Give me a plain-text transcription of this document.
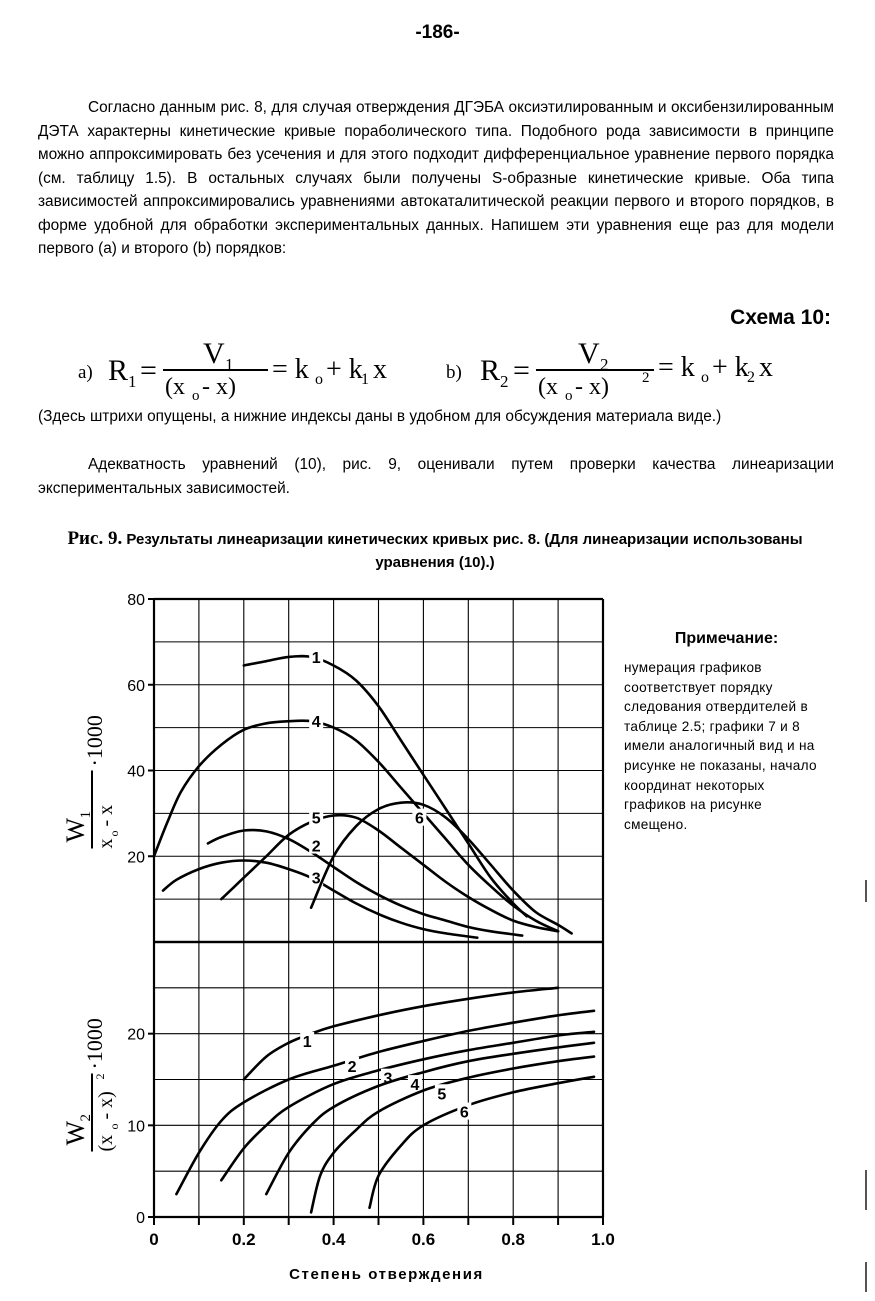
-186-

Согласно данным рис. 8, для случая отверждения ДГЭБА оксиэтилированным и оксибензилированным ДЭТА характерны кинетические кривые пораболического типа. Подобного рода зависимости в принципе можно аппроксимировать без усечения и для этого подходит дифференциальное уравнение первого порядка (см. таблицу 1.5). В остальных случаях были получены S-образные кинетические кривые. Оба типа зависимостей аппроксимировались уравнениями автокаталитической реакции первого и второго порядков, в форме удобной для обработки экспериментальных данных. Напишем эти уравнения еще раз для модели первого (а) и второго (b) порядков:

Схема 10:
а) R 1 =
V 1
(x o - x)
= k o + k
1 x	b) R 2 =
V 2
(x o - x) 2 = k o + k
2 x

(Здесь штрихи опущены, а нижние индексы даны в удобном для обсуждения материала виде.)

Адекватность уравнений (10), рис. 9, оценивали путем проверки качества линеаризации экспериментальных зависимостей.

Рис. 9. Результаты линеаризации кинетических кривых рис. 8. (Для линеаризации использованы уравнения (10).)
20
40
60
80
1
2
3
4
5	6
W
1
x
o
- x
·1000
0
10
20	1
2
3 4
5
6
W
2
(x
o
- x)
2
·1000
0	0.2	0.4	0.6	0.8	1.0
Степень отверждения
Примечание:
нумерация графиков соответствует порядку следования отвердителей в таблице 2.5; графики 7 и 8 имели аналогичный вид и на рисунке не показаны, начало координат некоторых графиков на рисунке смещено.
